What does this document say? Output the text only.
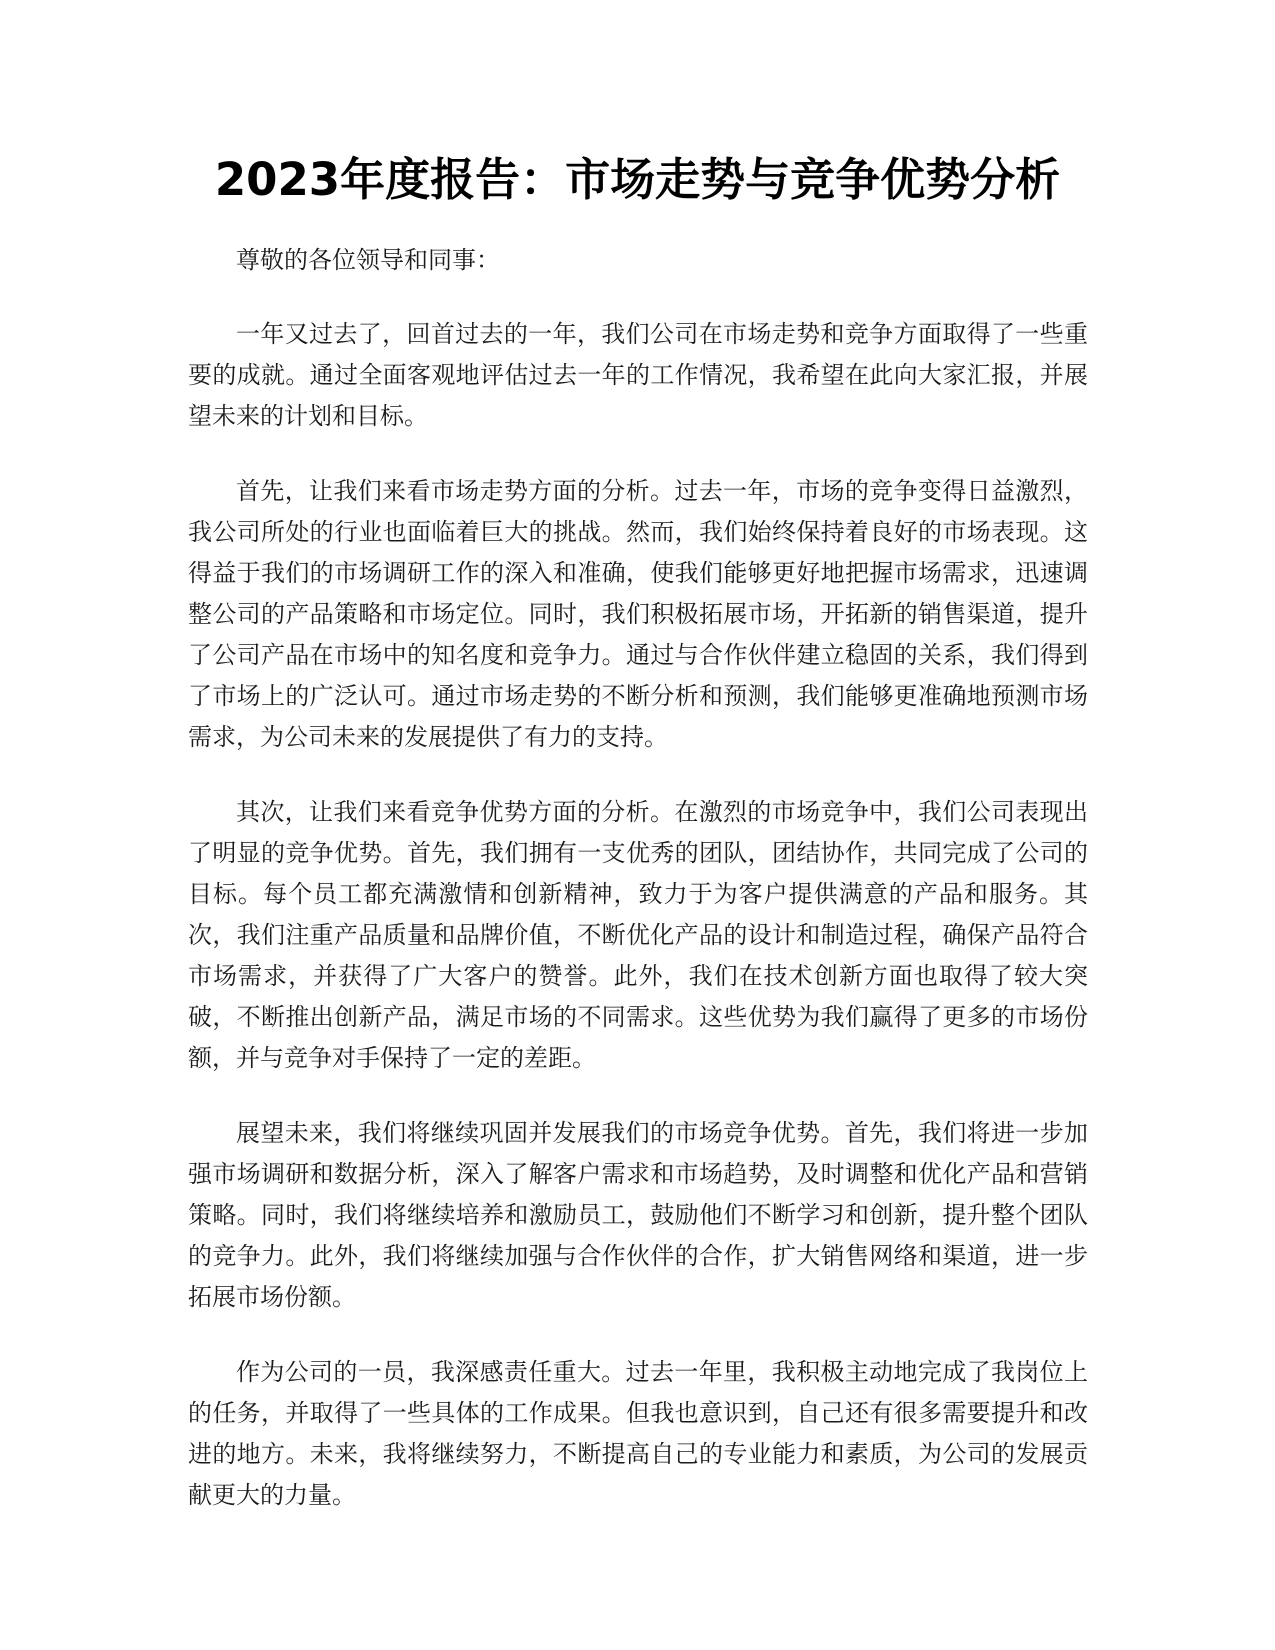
2023年度报告：市场走势与竞争优势分析

尊敬的各位领导和同事：

一年又过去了，回首过去的一年，我们公司在市场走势和竞争方面取得了一些重要的成就。通过全面客观地评估过去一年的工作情况，我希望在此向大家汇报，并展望未来的计划和目标。

首先，让我们来看市场走势方面的分析。过去一年，市场的竞争变得日益激烈，我公司所处的行业也面临着巨大的挑战。然而，我们始终保持着良好的市场表现。这得益于我们的市场调研工作的深入和准确，使我们能够更好地把握市场需求，迅速调整公司的产品策略和市场定位。同时，我们积极拓展市场，开拓新的销售渠道，提升了公司产品在市场中的知名度和竞争力。通过与合作伙伴建立稳固的关系，我们得到了市场上的广泛认可。通过市场走势的不断分析和预测，我们能够更准确地预测市场需求，为公司未来的发展提供了有力的支持。

其次，让我们来看竞争优势方面的分析。在激烈的市场竞争中，我们公司表现出了明显的竞争优势。首先，我们拥有一支优秀的团队，团结协作，共同完成了公司的目标。每个员工都充满激情和创新精神，致力于为客户提供满意的产品和服务。其次，我们注重产品质量和品牌价值，不断优化产品的设计和制造过程，确保产品符合市场需求，并获得了广大客户的赞誉。此外，我们在技术创新方面也取得了较大突破，不断推出创新产品，满足市场的不同需求。这些优势为我们赢得了更多的市场份额，并与竞争对手保持了一定的差距。

展望未来，我们将继续巩固并发展我们的市场竞争优势。首先，我们将进一步加强市场调研和数据分析，深入了解客户需求和市场趋势，及时调整和优化产品和营销策略。同时，我们将继续培养和激励员工，鼓励他们不断学习和创新，提升整个团队的竞争力。此外，我们将继续加强与合作伙伴的合作，扩大销售网络和渠道，进一步拓展市场份额。

作为公司的一员，我深感责任重大。过去一年里，我积极主动地完成了我岗位上的任务，并取得了一些具体的工作成果。但我也意识到，自己还有很多需要提升和改进的地方。未来，我将继续努力，不断提高自己的专业能力和素质，为公司的发展贡献更大的力量。
